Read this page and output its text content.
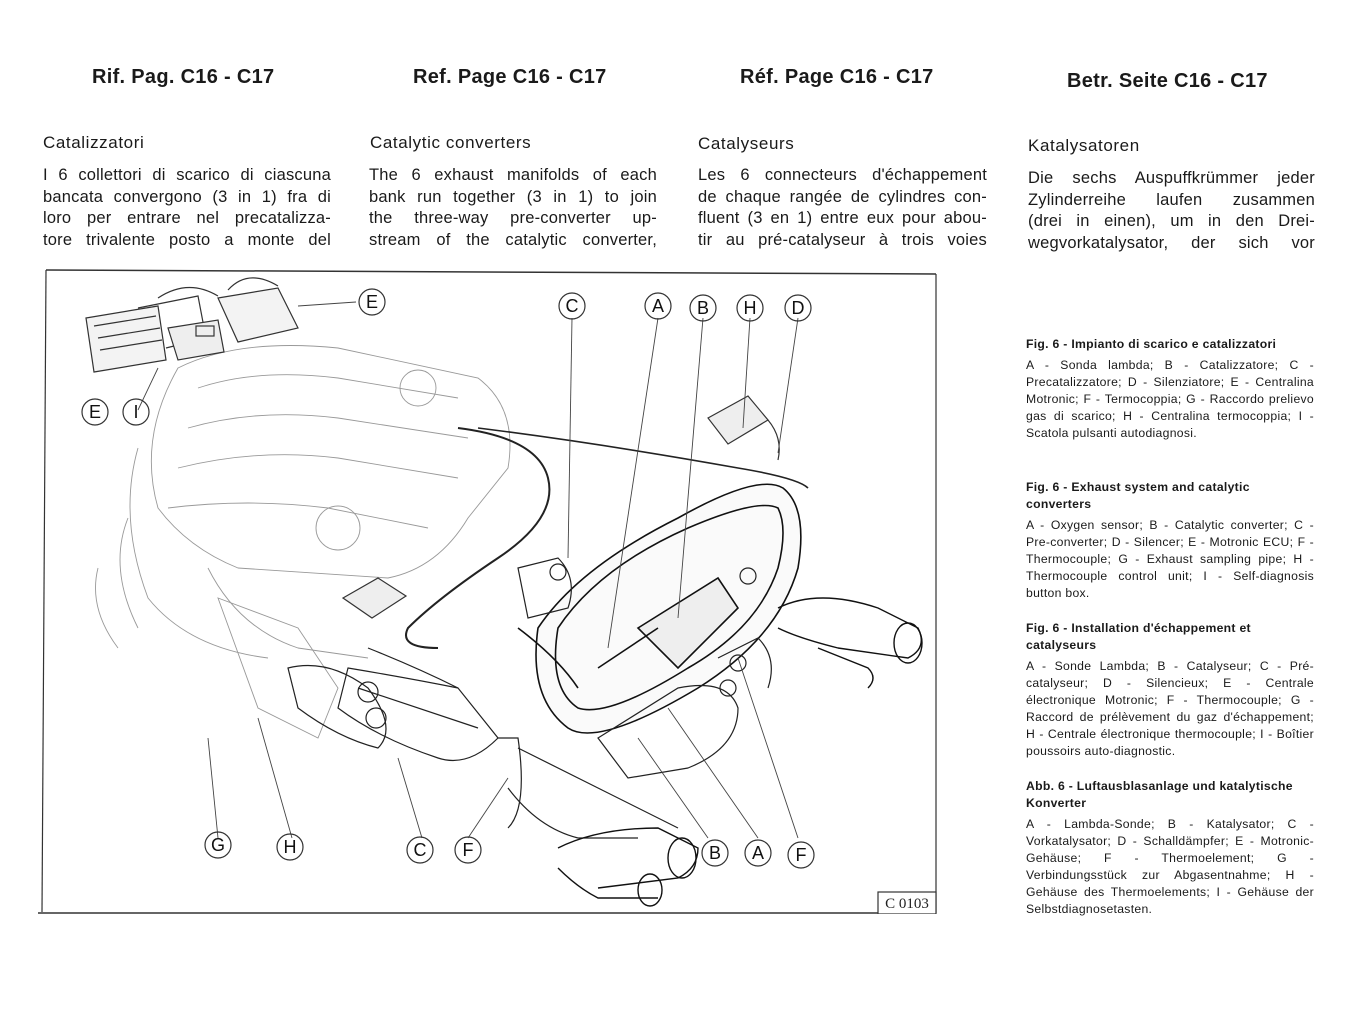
Rif. Pag. C16 - C17	Ref. Page C16 - C17	Réf. Page C16 - C17	Betr. Seite C16 - C17
Catalizzatori	Catalytic converters	Catalyseurs	Katalysatoren
I 6 collettori di scarico di ciascuna
bancata convergono (3 in 1) fra di
loro per entrare nel precatalizza-
tore trivalente posto a monte del
The 6 exhaust manifolds of each
bank run together (3 in 1) to join
the three-way pre-converter up-
stream of the catalytic converter,
Les 6 connecteurs d'échappement
de chaque rangée de cylindres con-
fluent (3 en 1) entre eux pour abou-
tir au pré-catalyseur à trois voies
Die sechs Auspuffkrümmer jeder
Zylinderreihe laufen zusammen
(drei in einen), um in den Drei-
wegvorkatalysator, der sich vor
E	C	A B H D
E I
G	H	C F	B A F
C 0103
Fig. 6 - Impianto di scarico e catalizzatori
A - Sonda lambda; B - Catalizzatore; C - Precatalizzatore; D - Silenziatore; E - Centralina Motronic; F - Termocoppia; G - Raccordo prelievo gas di scarico; H - Centralina termocoppia; I - Scatola pulsanti autodiagnosi.
Fig. 6 - Exhaust system and catalytic converters
A - Oxygen sensor; B - Catalytic converter; C - Pre-converter; D - Silencer; E - Motronic ECU; F - Thermocouple; G - Exhaust sampling pipe; H - Thermocouple control unit; I - Self-diagnosis button box.
Fig. 6 - Installation d'échappement et catalyseurs
A - Sonde Lambda; B - Catalyseur; C - Pré-catalyseur; D - Silencieux; E - Centrale électronique Motronic; F - Thermocouple; G - Raccord de prélèvement du gaz d'échappement; H - Centrale électronique thermocouple; I - Boîtier poussoirs auto-diagnostic.
Abb. 6 - Luftausblasanlage und katalytische Konverter
A - Lambda-Sonde; B - Katalysator; C - Vorkatalysator; D - Schalldämpfer; E - Motronic-Gehäuse; F - Thermoelement; G - Verbindungsstück zur Abgasentnahme; H - Gehäuse des Thermoelements; I - Gehäuse der Selbstdiagnosetasten.
